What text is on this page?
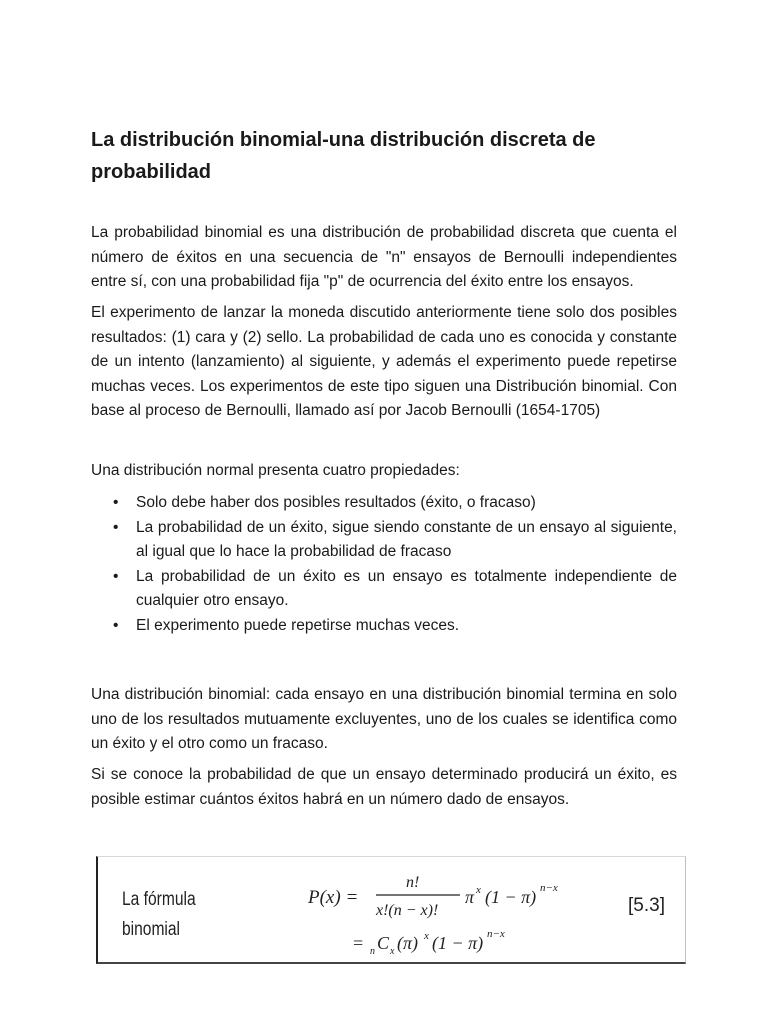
La distribución binomial-una distribución discreta de probabilidad

La probabilidad binomial es una distribución de probabilidad discreta que cuenta el número de éxitos en una secuencia de "n" ensayos de Bernoulli independientes entre sí, con una probabilidad fija "p" de ocurrencia del éxito entre los ensayos.

El experimento de lanzar la moneda discutido anteriormente tiene solo dos posibles resultados: (1) cara y (2) sello. La probabilidad de cada uno es conocida y constante de un intento (lanzamiento) al siguiente, y además el experimento puede repetirse muchas veces. Los experimentos de este tipo siguen una Distribución binomial. Con base al proceso de Bernoulli, llamado así por Jacob Bernoulli (1654-1705)

Una distribución normal presenta cuatro propiedades:

• Solo debe haber dos posibles resultados (éxito, o fracaso)
• La probabilidad de un éxito, sigue siendo constante de un ensayo al siguiente, al igual que lo hace la probabilidad de fracaso
• La probabilidad de un éxito es un ensayo es totalmente independiente de cualquier otro ensayo.
• El experimento puede repetirse muchas veces.

Una distribución binomial: cada ensayo en una distribución binomial termina en solo uno de los resultados mutuamente excluyentes, uno de los cuales se identifica como un éxito y el otro como un fracaso.

Si se conoce la probabilidad de que un ensayo determinado producirá un éxito, es posible estimar cuántos éxitos habrá en un número dado de ensayos.

La fórmula
binomial
P(x) =
n!
x!(n − x)!
π x (1 − π) n−x
= n C x (π) x (1 − π) n−x
[5.3]
